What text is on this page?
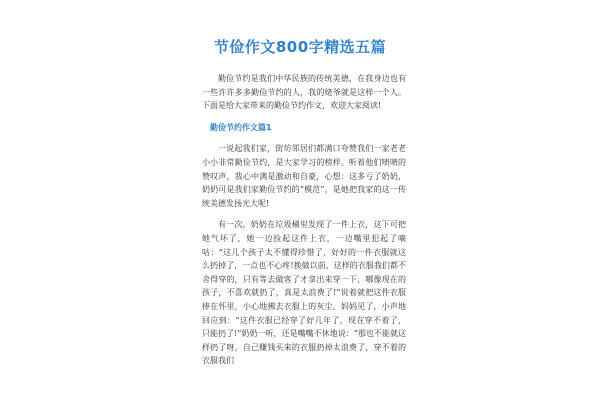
节俭作文800字精选五篇

勤俭节约是我们中华民族的传统美德，在我身边也有一些许许多多勤俭节约的人，我的姥爷就是这样一个人。下面是给大家带来的勤俭节约作文，欢迎大家阅读!

勤俭节约作文篇1

一说起我们家，街坊邻居们都满口夸赞我们一家老老小小非常勤俭节约，是大家学习的榜样。听着他们啧啧的赞叹声，我心中满是激动和自豪，心想：这多亏了奶奶，奶奶可是我们家勤俭节约的“模范”，是她把我家的这一传统美德发扬光大呢!

有一次，奶奶在垃圾桶里发现了一件上衣，这下可把她气坏了，她一边捡起这件上衣，一边嘴里犯起了嘀咕：“这儿个孩子太不懂得珍惜了，好好的一件衣服就这么扔掉了，一点也不心疼!换做以前，这样的衣服我们都不舍得穿的，只有等去做客了才拿出来穿一下，哪像现在的孩子，不喜欢就扔了，真是太浪费了!”说着就把这件衣服捧在怀里，小心地拂去衣服上的灰尘。妈妈见了，小声地回应到：“这件衣服已经穿了好几年了，现在穿不着了，只能扔了!”奶奶一听，还是嘴嘴不休地说：“那也不能就这样扔了呀，自己赚钱买来的衣服扔掉太浪费了，穿不着的衣服我们
